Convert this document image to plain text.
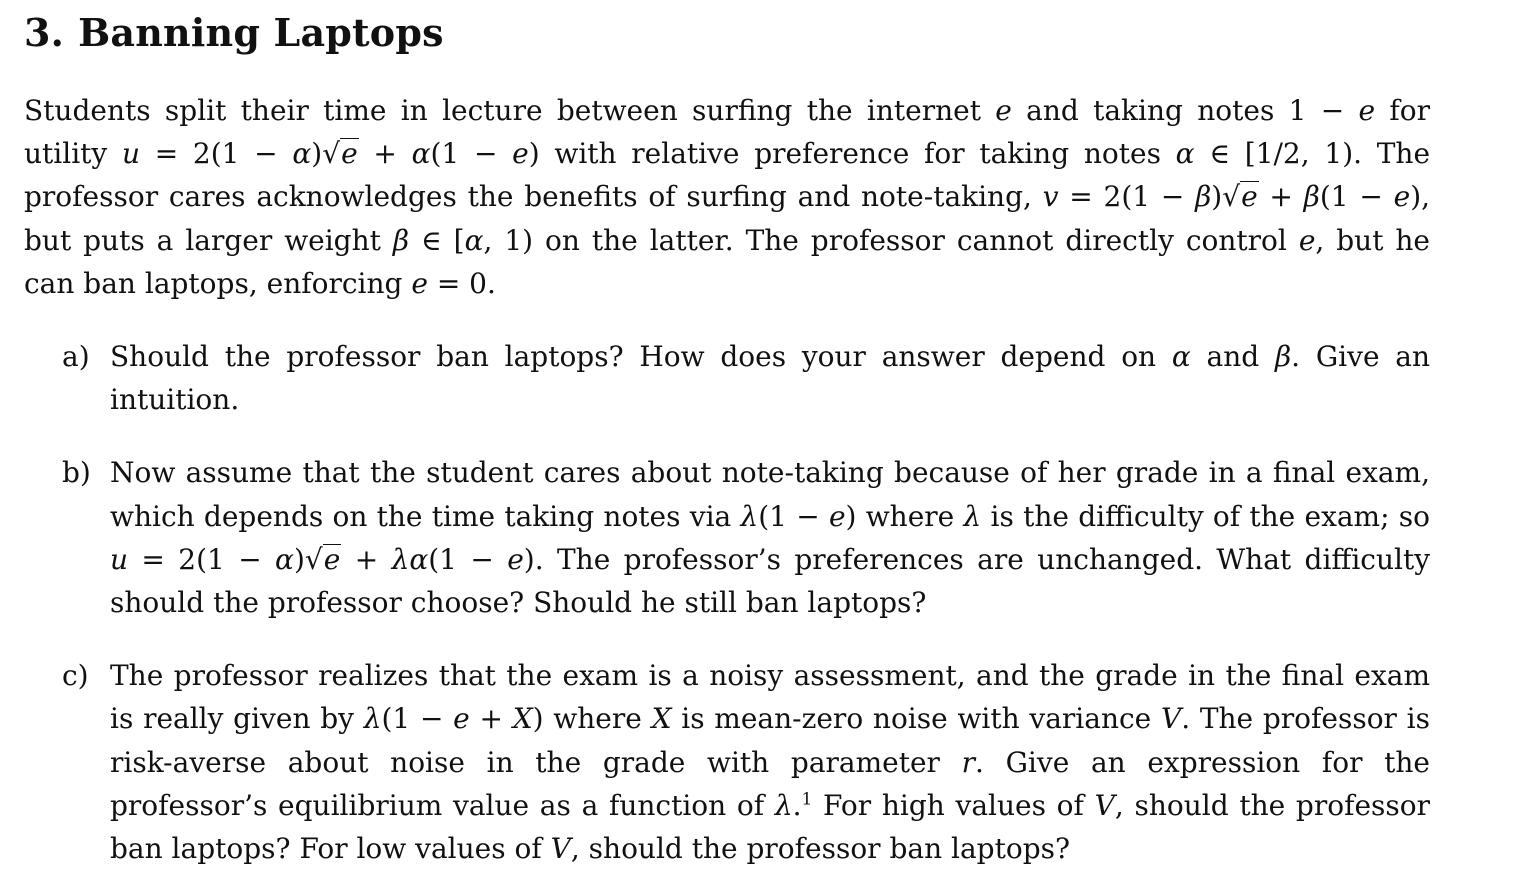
3. Banning Laptops

Students split their time in lecture between surfing the internet e and taking notes 1 − e for utility u = 2(1 − α)√e + α(1 − e) with relative preference for taking notes α ∈ [1/2, 1). The professor cares acknowledges the benefits of surfing and note-taking, v = 2(1 − β)√e + β(1 − e), but puts a larger weight β ∈ [α, 1) on the latter. The professor cannot directly control e, but he can ban laptops, enforcing e = 0.

a) Should the professor ban laptops? How does your answer depend on α and β. Give an intuition.
b) Now assume that the student cares about note-taking because of her grade in a final exam, which depends on the time taking notes via λ(1 − e) where λ is the difficulty of the exam; so u = 2(1 − α)√e + λα(1 − e). The professor’s preferences are unchanged. What difficulty should the professor choose? Should he still ban laptops?
c) The professor realizes that the exam is a noisy assessment, and the grade in the final exam is really given by λ(1 − e + X) where X is mean-zero noise with variance V. The professor is risk-averse about noise in the grade with parameter r. Give an expression for the professor’s equilibrium value as a function of λ.$^1$ For high values of V, should the professor ban laptops? For low values of V, should the professor ban laptops?
